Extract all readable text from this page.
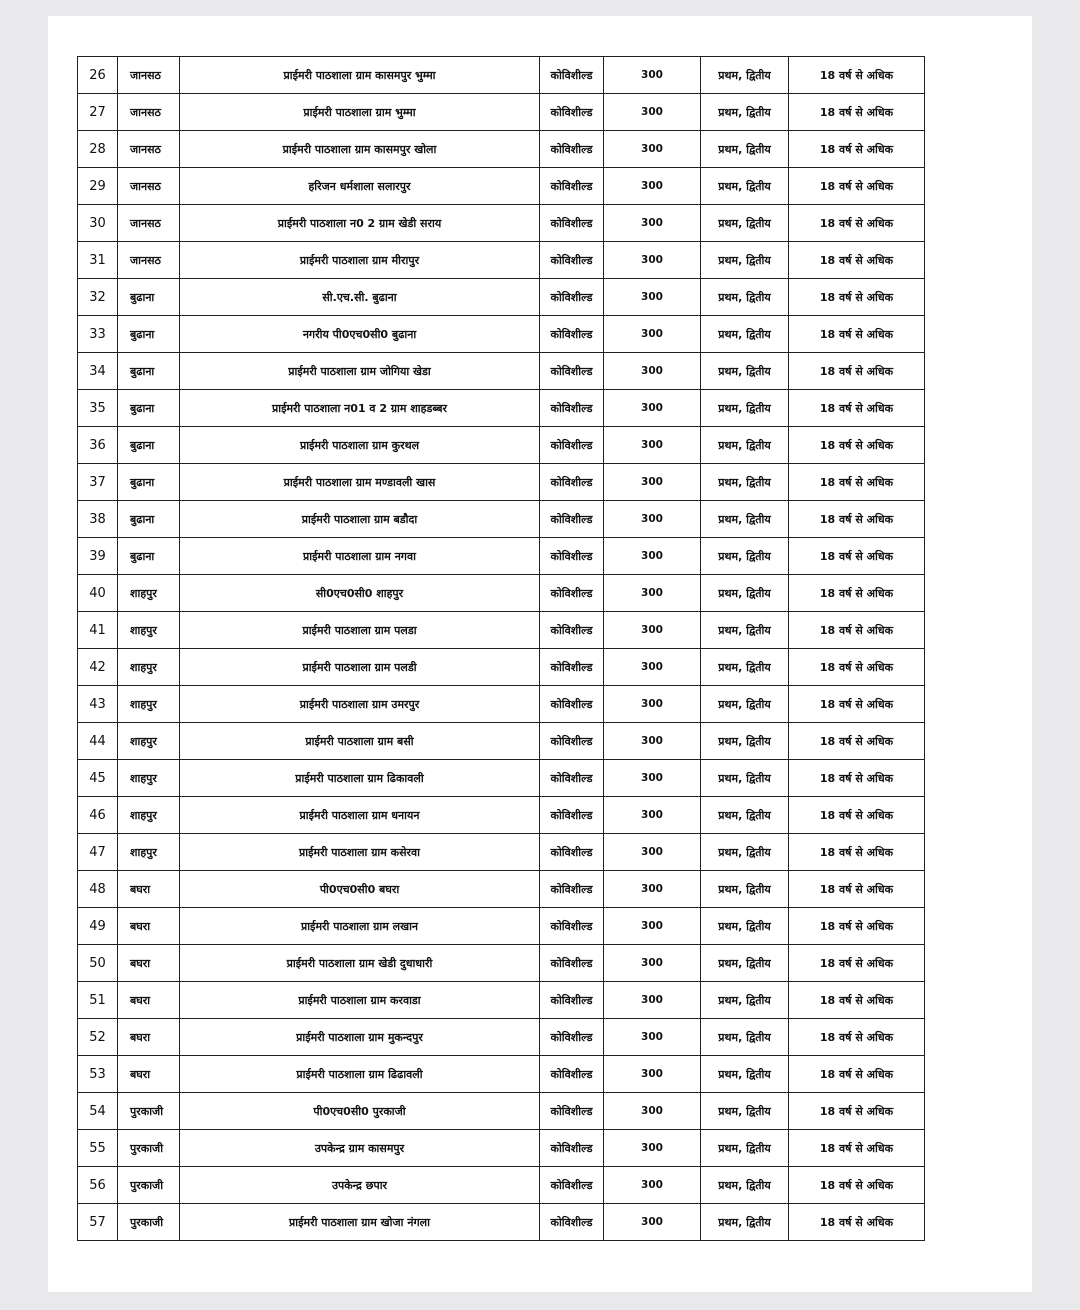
26	जानसठ	प्राईमरी पाठशाला ग्राम कासमपुर भुम्मा	कोविशील्ड	300	प्रथम, द्वितीय	18 वर्ष से अधिक
27	जानसठ	प्राईमरी पाठशाला ग्राम भुम्मा	कोविशील्ड	300	प्रथम, द्वितीय	18 वर्ष से अधिक
28	जानसठ	प्राईमरी पाठशाला ग्राम कासमपुर खोला	कोविशील्ड	300	प्रथम, द्वितीय	18 वर्ष से अधिक
29	जानसठ	हरिजन धर्मशाला सलारपुर	कोविशील्ड	300	प्रथम, द्वितीय	18 वर्ष से अधिक
30	जानसठ	प्राईमरी पाठशाला न0 2 ग्राम खेडी सराय	कोविशील्ड	300	प्रथम, द्वितीय	18 वर्ष से अधिक
31	जानसठ	प्राईमरी पाठशाला ग्राम मीरापुर	कोविशील्ड	300	प्रथम, द्वितीय	18 वर्ष से अधिक
32	बुढाना	सी.एच.सी. बुढाना	कोविशील्ड	300	प्रथम, द्वितीय	18 वर्ष से अधिक
33	बुढाना	नगरीय पी0एच0सी0 बुढाना	कोविशील्ड	300	प्रथम, द्वितीय	18 वर्ष से अधिक
34	बुढाना	प्राईमरी पाठशाला ग्राम जोगिया खेडा	कोविशील्ड	300	प्रथम, द्वितीय	18 वर्ष से अधिक
35	बुढाना	प्राईमरी पाठशाला न01 व 2 ग्राम शाहडब्बर	कोविशील्ड	300	प्रथम, द्वितीय	18 वर्ष से अधिक
36	बुढाना	प्राईमरी पाठशाला ग्राम कुरथल	कोविशील्ड	300	प्रथम, द्वितीय	18 वर्ष से अधिक
37	बुढाना	प्राईमरी पाठशाला ग्राम मण्डावली खास	कोविशील्ड	300	प्रथम, द्वितीय	18 वर्ष से अधिक
38	बुढाना	प्राईमरी पाठशाला ग्राम बडौदा	कोविशील्ड	300	प्रथम, द्वितीय	18 वर्ष से अधिक
39	बुढाना	प्राईमरी पाठशाला ग्राम नगवा	कोविशील्ड	300	प्रथम, द्वितीय	18 वर्ष से अधिक
40	शाहपुर	सी0एच0सी0 शाहपुर	कोविशील्ड	300	प्रथम, द्वितीय	18 वर्ष से अधिक
41	शाहपुर	प्राईमरी पाठशाला ग्राम पलडा	कोविशील्ड	300	प्रथम, द्वितीय	18 वर्ष से अधिक
42	शाहपुर	प्राईमरी पाठशाला ग्राम पलडी	कोविशील्ड	300	प्रथम, द्वितीय	18 वर्ष से अधिक
43	शाहपुर	प्राईमरी पाठशाला ग्राम उमरपुर	कोविशील्ड	300	प्रथम, द्वितीय	18 वर्ष से अधिक
44	शाहपुर	प्राईमरी पाठशाला ग्राम बसी	कोविशील्ड	300	प्रथम, द्वितीय	18 वर्ष से अधिक
45	शाहपुर	प्राईमरी पाठशाला ग्राम ढिकावली	कोविशील्ड	300	प्रथम, द्वितीय	18 वर्ष से अधिक
46	शाहपुर	प्राईमरी पाठशाला ग्राम धनायन	कोविशील्ड	300	प्रथम, द्वितीय	18 वर्ष से अधिक
47	शाहपुर	प्राईमरी पाठशाला ग्राम कसेरवा	कोविशील्ड	300	प्रथम, द्वितीय	18 वर्ष से अधिक
48	बघरा	पी0एच0सी0 बघरा	कोविशील्ड	300	प्रथम, द्वितीय	18 वर्ष से अधिक
49	बघरा	प्राईमरी पाठशाला ग्राम लखान	कोविशील्ड	300	प्रथम, द्वितीय	18 वर्ष से अधिक
50	बघरा	प्राईमरी पाठशाला ग्राम खेडी दुधाधारी	कोविशील्ड	300	प्रथम, द्वितीय	18 वर्ष से अधिक
51	बघरा	प्राईमरी पाठशाला ग्राम करवाडा	कोविशील्ड	300	प्रथम, द्वितीय	18 वर्ष से अधिक
52	बघरा	प्राईमरी पाठशाला ग्राम मुकन्दपुर	कोविशील्ड	300	प्रथम, द्वितीय	18 वर्ष से अधिक
53	बघरा	प्राईमरी पाठशाला ग्राम ढिढावली	कोविशील्ड	300	प्रथम, द्वितीय	18 वर्ष से अधिक
54	पुरकाजी	पी0एच0सी0 पुरकाजी	कोविशील्ड	300	प्रथम, द्वितीय	18 वर्ष से अधिक
55	पुरकाजी	उपकेन्द्र ग्राम कासमपुर	कोविशील्ड	300	प्रथम, द्वितीय	18 वर्ष से अधिक
56	पुरकाजी	उपकेन्द्र छपार	कोविशील्ड	300	प्रथम, द्वितीय	18 वर्ष से अधिक
57	पुरकाजी	प्राईमरी पाठशाला ग्राम खोजा नंगला	कोविशील्ड	300	प्रथम, द्वितीय	18 वर्ष से अधिक
